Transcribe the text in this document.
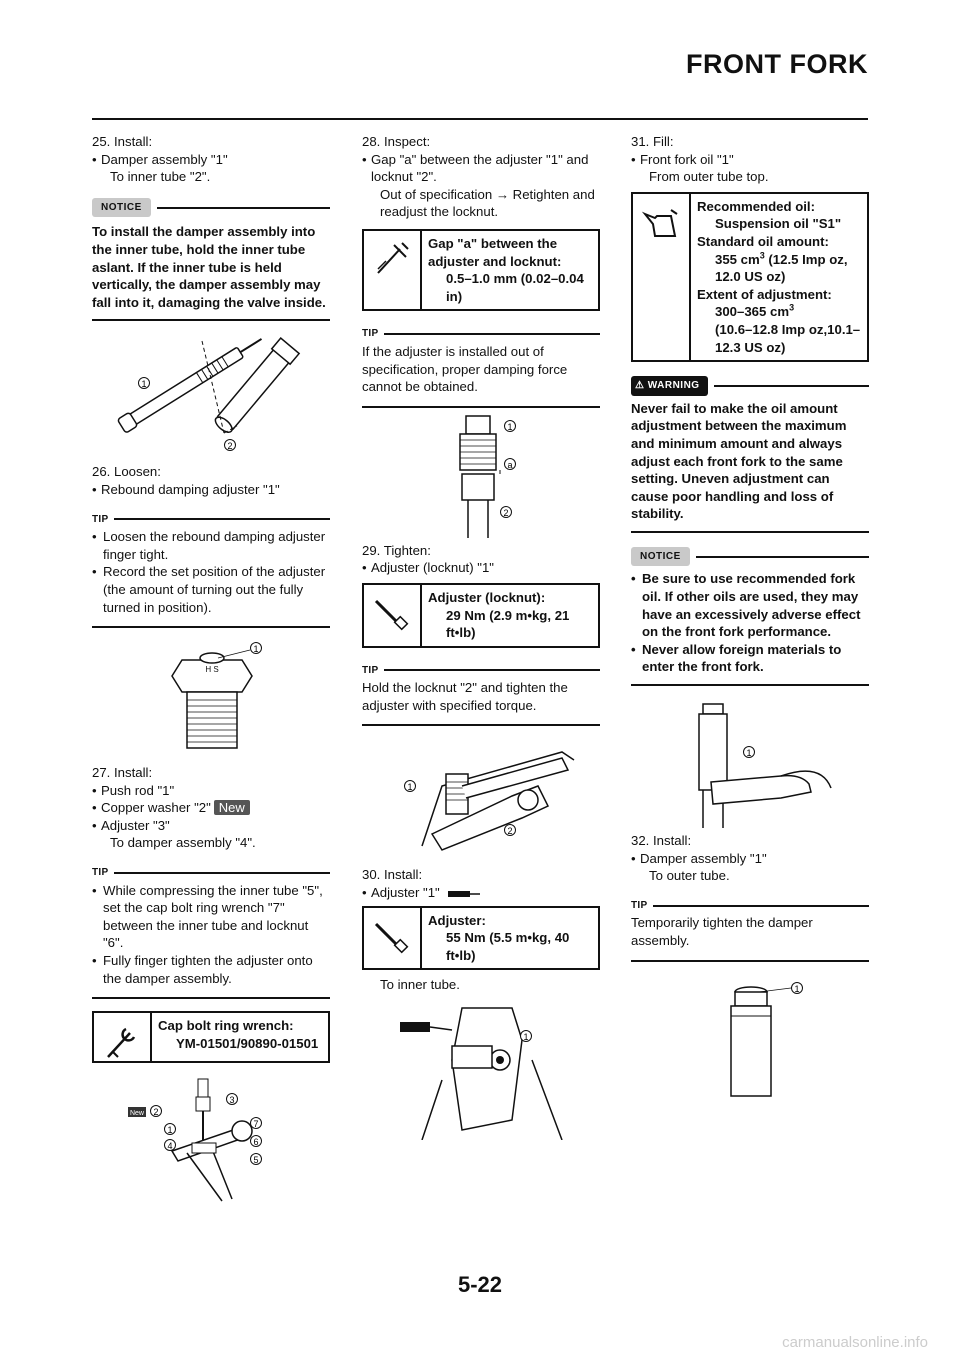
FRONT FORK
25. Install:
• Damper assembly "1"
To inner tube "2".
NOTICE
To install the damper assembly into the inner tube, hold the inner tube aslant. If the inner tube is held vertically, the damper assembly may fall into it, damaging the valve inside.
1
2
26. Loosen:
• Rebound damping adjuster "1"
TIP
• Loosen the rebound damping adjuster finger tight.
• Record the set position of the adjuster (the amount of turning out the fully turned in position).
H S
1
27. Install:
• Push rod "1"
• Copper washer "2" New
• Adjuster "3"
To damper assembly "4".
TIP
• While compressing the inner tube "5", set the cap bolt ring wrench "7" between the inner tube and locknut "6".
• Fully finger tighten the adjuster onto the damper assembly.
Cap bolt ring wrench:
YM-01501/90890-01501
New 2
3
1
7
4	6
5
28. Inspect:
• Gap "a" between the adjuster "1" and locknut "2".
Out of specification → Retighten and readjust the locknut.
Gap "a" between the adjuster and locknut:
0.5–1.0 mm (0.02–0.04 in)
TIP
If the adjuster is installed out of specification, proper damping force cannot be obtained.
1
a
2
29. Tighten:
• Adjuster (locknut) "1"
Adjuster (locknut):
29 Nm (2.9 m•kg, 21 ft•lb)
TIP
Hold the locknut "2" and tighten the adjuster with specified torque.
1
2
30. Install:
• Adjuster "1"
Adjuster:
55 Nm (5.5 m•kg, 40 ft•lb)
To inner tube.
1
31. Fill:
• Front fork oil "1"
From outer tube top.
Recommended oil:
Suspension oil "S1"
Standard oil amount:
355 $cm^3$ (12.5 Imp oz, 12.0 US oz)
Extent of adjustment:
300–365 $cm^3$
(10.6–12.8 Imp oz,10.1–12.3 US oz)
⚠ WARNING
Never fail to make the oil amount adjustment between the maximum and minimum amount and always adjust each front fork to the same setting. Uneven adjustment can cause poor handling and loss of stability.
NOTICE
• Be sure to use recommended fork oil. If other oils are used, they may have an excessively adverse effect on the front fork performance.
• Never allow foreign materials to enter the front fork.
1
32. Install:
• Damper assembly "1"
To outer tube.
TIP
Temporarily tighten the damper assembly.
1
5-22
carmanualsonline.info
